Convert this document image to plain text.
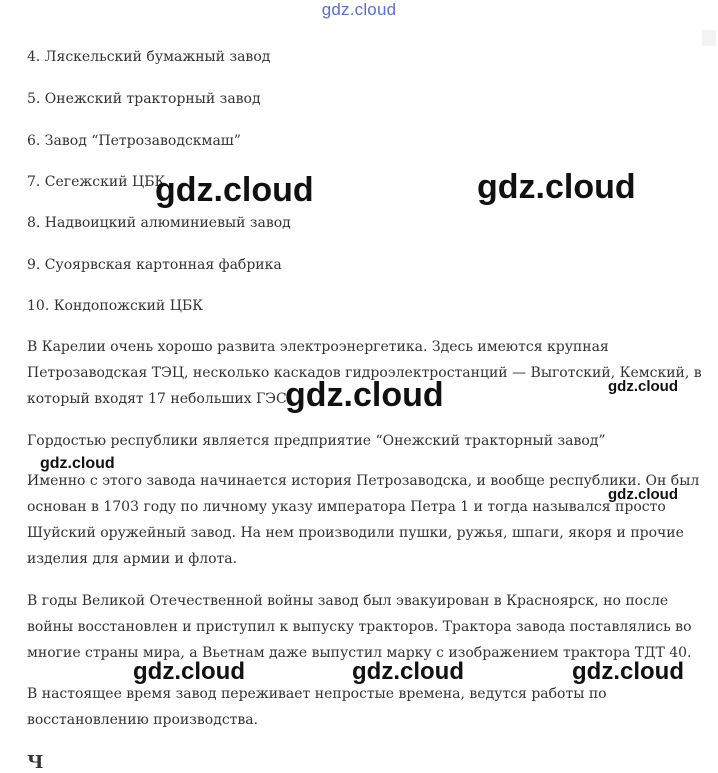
gdz.cloud
4. Ляскельский бумажный завод
5. Онежский тракторный завод
6. Завод “Петрозаводскмаш”
7. Сегежский ЦБК
8. Надвоицкий алюминиевый завод
9. Суоярвская картонная фабрика
10. Кондопожский ЦБК
В Карелии очень хорошо развита электроэнергетика. Здесь имеются крупная
Петрозаводская ТЭЦ, несколько каскадов гидроэлектростанций — Выготский, Кемский, в
который входят 17 небольших ГЭС.
Гордостью республики является предприятие “Онежский тракторный завод”
Именно с этого завода начинается история Петрозаводска, и вообще республики. Он был
основан в 1703 году по личному указу императора Петра 1 и тогда назывался просто
Шуйский оружейный завод. На нем производили пушки, ружья, шпаги, якоря и прочие
изделия для армии и флота.
В годы Великой Отечественной войны завод был эвакуирован в Красноярск, но после
войны восстановлен и приступил к выпуску тракторов. Трактора завода поставлялись во
многие страны мира, а Вьетнам даже выпустил марку с изображением трактора ТДТ 40.
В настоящее время завод переживает непростые времена, ведутся работы по
восстановлению производства.
Ч
gdz.cloud	gdz.cloud
gdz.cloud	gdz.cloud
gdz.cloud
gdz.cloud
gdz.cloud	gdz.cloud	gdz.cloud
